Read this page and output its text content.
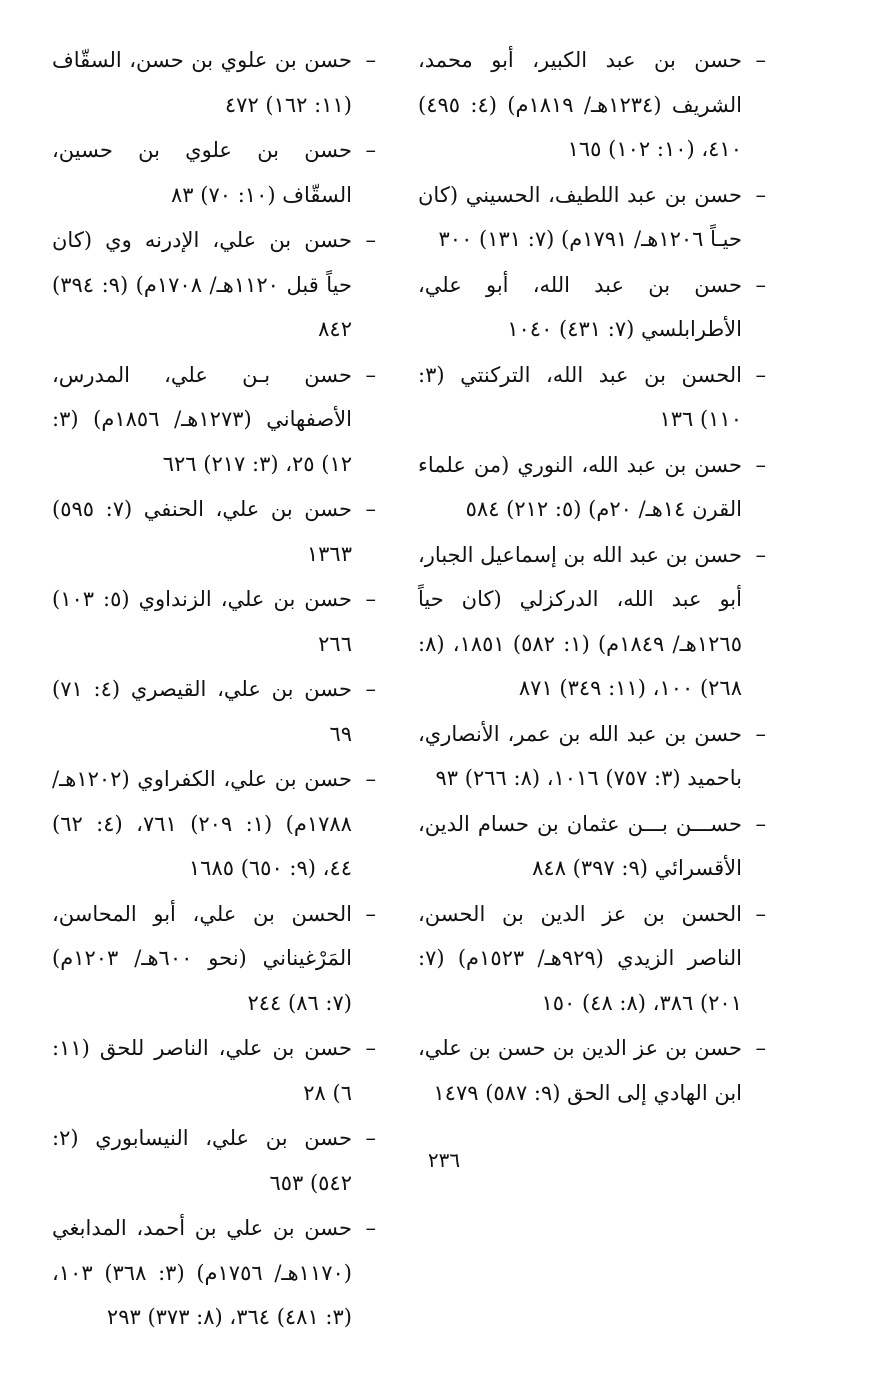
–
حسن بن عبد الكبير، أبو محمد، الشريف (١٢٣٤هـ/ ١٨١٩م) (٤: ٤٩٥) ٤١٠، (١٠: ١٠٢) ١٦٥
–
حسن بن عبد اللطيف، الحسيني (كان حيـاً ١٢٠٦هـ/ ١٧٩١م) (٧: ١٣١) ٣٠٠
–
حسن بن عبد الله، أبو علي، الأطرابلسي (٧: ٤٣١) ١٠٤٠
–
الحسن بن عبد الله، التركنتي (٣: ١١٠) ١٣٦
–
حسن بن عبد الله، النوري (من علماء القرن ١٤هـ/ ٢٠م) (٥: ٢١٢) ٥٨٤
–
حسن بن عبد الله بن إسماعيل الجبار، أبو عبد الله، الدركزلي (كان حياً ١٢٦٥هـ/ ١٨٤٩م) (١: ٥٨٢) ١٨٥١، (٨: ٢٦٨) ١٠٠، (١١: ٣٤٩) ٨٧١
–
حسن بن عبد الله بن عمر، الأنصاري، باحميد (٣: ٧٥٧) ١٠١٦، (٨: ٢٦٦) ٩٣
–
حســـن بـــن عثمان بن حسام الدين، الأقسرائي (٩: ٣٩٧) ٨٤٨
–
الحسن بن عز الدين بن الحسن، الناصر الزيدي (٩٢٩هـ/ ١٥٢٣م) (٧: ٢٠١) ٣٨٦، (٨: ٤٨) ١٥٠
–
حسن بن عز الدين بن حسن بن علي، ابن الهادي إلى الحق (٩: ٥٨٧) ١٤٧٩
–
حسن بن علوي بن حسن، السقّاف (١١: ١٦٢) ٤٧٢
–
حسن بن علوي بن حسين، السقّاف (١٠: ٧٠) ٨٣
–
حسن بن علي، الإدرنه وي (كان حياً قبل ١١٢٠هـ/ ١٧٠٨م) (٩: ٣٩٤) ٨٤٢
–
حسن بـن علي، المدرس، الأصفهاني (١٢٧٣هـ/ ١٨٥٦م) (٣: ١٢) ٢٥، (٣: ٢١٧) ٦٢٦
–
حسن بن علي، الحنفي (٧: ٥٩٥) ١٣٦٣
–
حسن بن علي، الزنداوي (٥: ١٠٣) ٢٦٦
–
حسن بن علي، القيصري (٤: ٧١) ٦٩
–
حسن بن علي، الكفراوي (١٢٠٢هـ/ ١٧٨٨م) (١: ٢٠٩) ٧٦١، (٤: ٦٢) ٤٤، (٩: ٦٥٠) ١٦٨٥
–
الحسن بن علي، أبو المحاسن، المَرْغيناني (نحو ٦٠٠هـ/ ١٢٠٣م) (٧: ٨٦) ٢٤٤
–
حسن بن علي، الناصر للحق (١١: ٦) ٢٨
–
حسن بن علي، النيسابوري (٢: ٥٤٢) ٦٥٣
–
حسن بن علي بن أحمد، المدابغي (١١٧٠هـ/ ١٧٥٦م) (٣: ٣٦٨) ١٠٣، (٣: ٤٨١) ٣٦٤، (٨: ٣٧٣) ٢٩٣
٢٣٦
